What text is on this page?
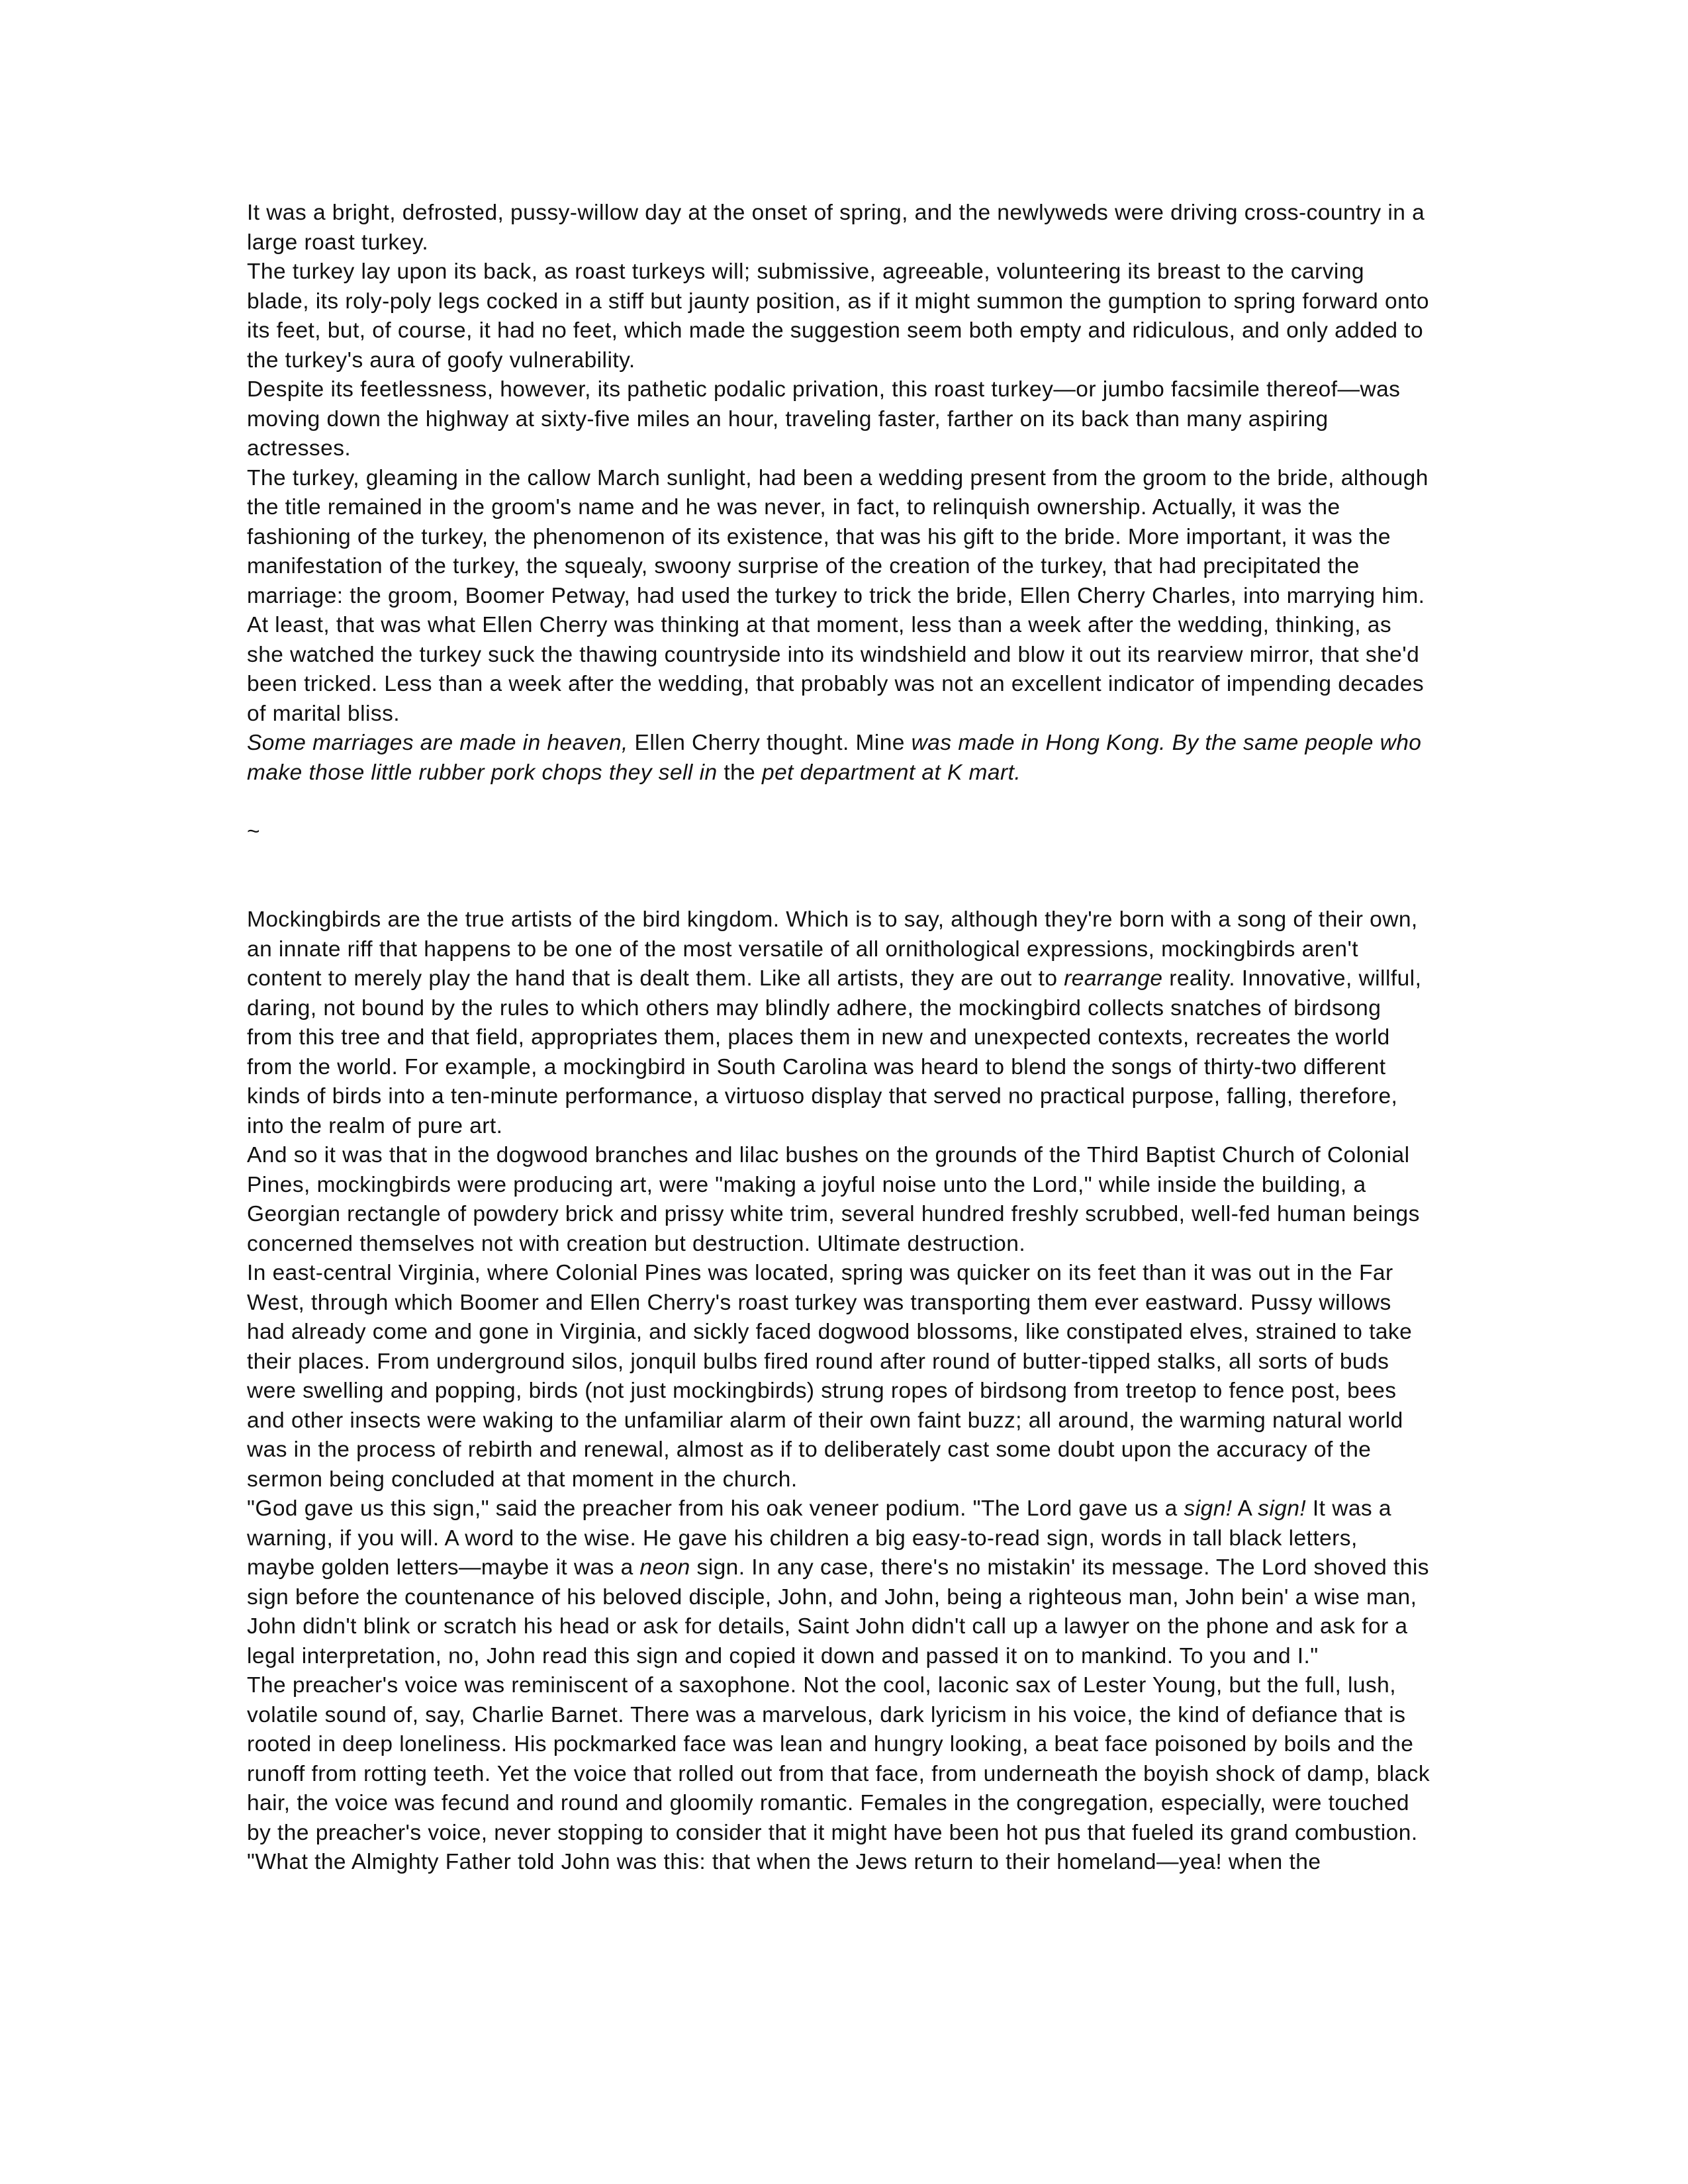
It was a bright, defrosted, pussy-willow day at the onset of spring, and the newlyweds were driving cross-country in a large roast turkey.

The turkey lay upon its back, as roast turkeys will; submissive, agreeable, volunteering its breast to the carving blade, its roly-poly legs cocked in a stiff but jaunty position, as if it might summon the gumption to spring forward onto its feet, but, of course, it had no feet, which made the suggestion seem both empty and ridiculous, and only added to the turkey's aura of goofy vulnerability.

Despite its feetlessness, however, its pathetic podalic privation, this roast turkey—or jumbo facsimile thereof—was moving down the highway at sixty-five miles an hour, traveling faster, farther on its back than many aspiring actresses.

The turkey, gleaming in the callow March sunlight, had been a wedding present from the groom to the bride, although the title remained in the groom's name and he was never, in fact, to relinquish ownership. Actually, it was the fashioning of the turkey, the phenomenon of its existence, that was his gift to the bride. More important, it was the manifestation of the turkey, the squealy, swoony surprise of the creation of the turkey, that had precipitated the marriage: the groom, Boomer Petway, had used the turkey to trick the bride, Ellen Cherry Charles, into marrying him. At least, that was what Ellen Cherry was thinking at that moment, less than a week after the wedding, thinking, as she watched the turkey suck the thawing countryside into its windshield and blow it out its rearview mirror, that she'd been tricked. Less than a week after the wedding, that probably was not an excellent indicator of impending decades of marital bliss.

Some marriages are made in heaven, Ellen Cherry thought. Mine was made in Hong Kong. By the same people who make those little rubber pork chops they sell in the pet department at K mart.

~

Mockingbirds are the true artists of the bird kingdom. Which is to say, although they're born with a song of their own, an innate riff that happens to be one of the most versatile of all ornithological expressions, mockingbirds aren't content to merely play the hand that is dealt them. Like all artists, they are out to rearrange reality. Innovative, willful, daring, not bound by the rules to which others may blindly adhere, the mockingbird collects snatches of birdsong from this tree and that field, appropriates them, places them in new and unexpected contexts, recreates the world from the world. For example, a mockingbird in South Carolina was heard to blend the songs of thirty-two different kinds of birds into a ten-minute performance, a virtuoso display that served no practical purpose, falling, therefore, into the realm of pure art.

And so it was that in the dogwood branches and lilac bushes on the grounds of the Third Baptist Church of Colonial Pines, mockingbirds were producing art, were "making a joyful noise unto the Lord," while inside the building, a Georgian rectangle of powdery brick and prissy white trim, several hundred freshly scrubbed, well-fed human beings concerned themselves not with creation but destruction. Ultimate destruction.

In east-central Virginia, where Colonial Pines was located, spring was quicker on its feet than it was out in the Far West, through which Boomer and Ellen Cherry's roast turkey was transporting them ever eastward. Pussy willows had already come and gone in Virginia, and sickly faced dogwood blossoms, like constipated elves, strained to take their places. From underground silos, jonquil bulbs fired round after round of butter-tipped stalks, all sorts of buds were swelling and popping, birds (not just mockingbirds) strung ropes of birdsong from treetop to fence post, bees and other insects were waking to the unfamiliar alarm of their own faint buzz; all around, the warming natural world was in the process of rebirth and renewal, almost as if to deliberately cast some doubt upon the accuracy of the sermon being concluded at that moment in the church.

"God gave us this sign," said the preacher from his oak veneer podium. "The Lord gave us a sign! A sign! It was a warning, if you will. A word to the wise. He gave his children a big easy-to-read sign, words in tall black letters, maybe golden letters—maybe it was a neon sign. In any case, there's no mistakin' its message. The Lord shoved this sign before the countenance of his beloved disciple, John, and John, being a righteous man, John bein' a wise man, John didn't blink or scratch his head or ask for details, Saint John didn't call up a lawyer on the phone and ask for a legal interpretation, no, John read this sign and copied it down and passed it on to mankind. To you and I."

The preacher's voice was reminiscent of a saxophone. Not the cool, laconic sax of Lester Young, but the full, lush, volatile sound of, say, Charlie Barnet. There was a marvelous, dark lyricism in his voice, the kind of defiance that is rooted in deep loneliness. His pockmarked face was lean and hungry looking, a beat face poisoned by boils and the runoff from rotting teeth. Yet the voice that rolled out from that face, from underneath the boyish shock of damp, black hair, the voice was fecund and round and gloomily romantic. Females in the congregation, especially, were touched by the preacher's voice, never stopping to consider that it might have been hot pus that fueled its grand combustion.

"What the Almighty Father told John was this: that when the Jews return to their homeland—yea! when the
